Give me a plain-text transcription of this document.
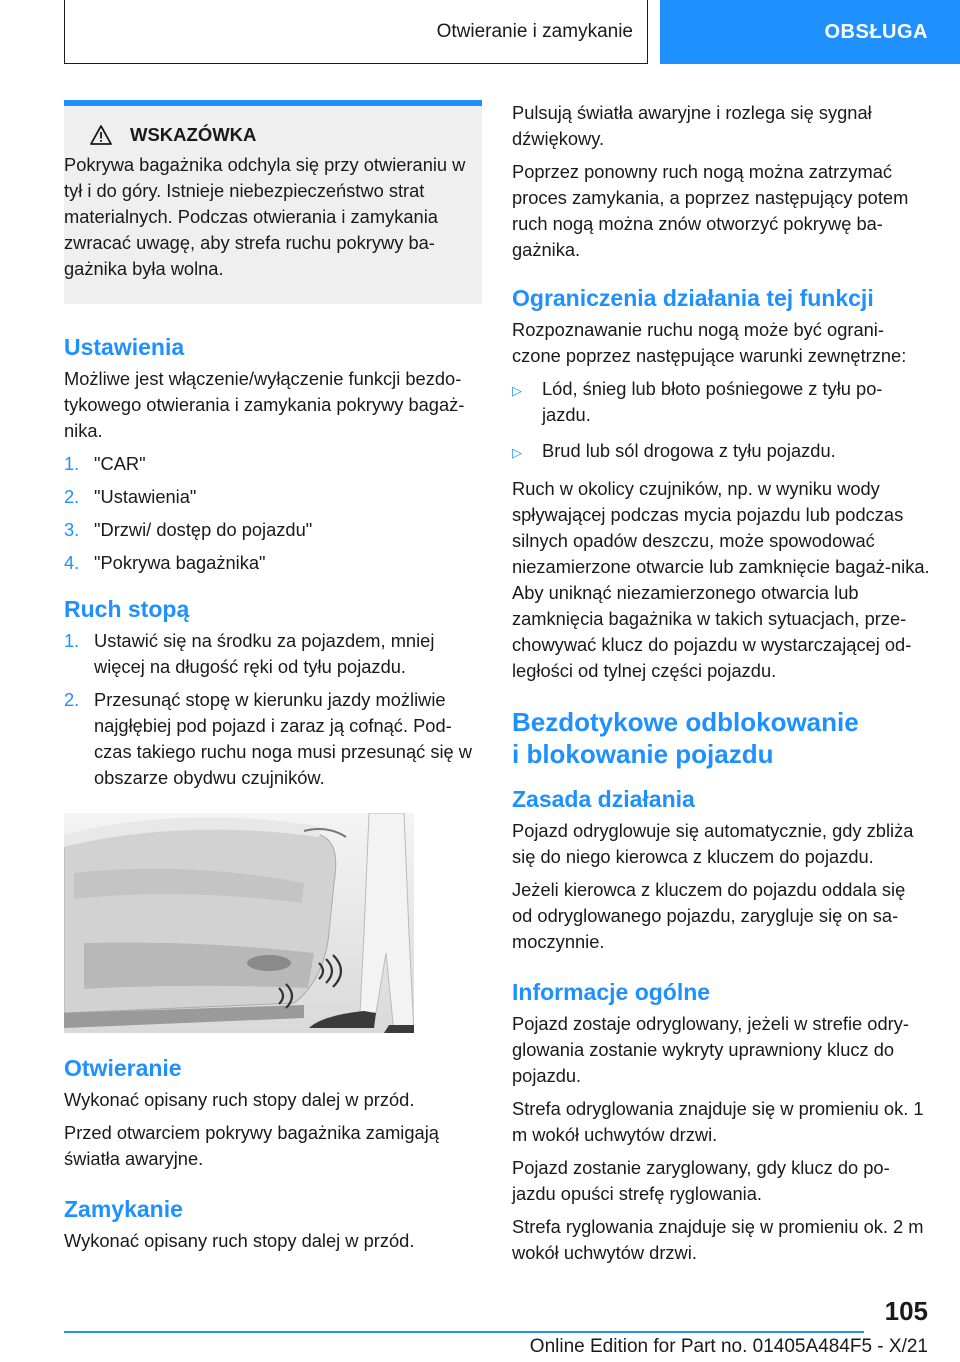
Otwieranie i zamykanie	OBSŁUGA
WSKAZÓWKA

Pokrywa bagażnika odchyla się przy otwieraniu w tył i do góry. Istnieje niebezpieczeństwo strat materialnych. Podczas otwierania i zamykania zwracać uwagę, aby strefa ruchu pokrywy ba-gażnika była wolna.

Ustawienia

Możliwe jest włączenie/wyłączenie funkcji bezdo-tykowego otwierania i zamykania pokrywy bagaż-nika.

1. "CAR"
2. "Ustawienia"
3. "Drzwi/ dostęp do pojazdu"
4. "Pokrywa bagażnika"
Ruch stopą
1. Ustawić się na środku za pojazdem, mniej więcej na długość ręki od tyłu pojazdu.
2. Przesunąć stopę w kierunku jazdy możliwie najgłębiej pod pojazd i zaraz ją cofnąć. Pod-czas takiego ruchu noga musi przesunąć się w obszarze obydwu czujników.
Otwieranie

Wykonać opisany ruch stopy dalej w przód.

Przed otwarciem pokrywy bagażnika zamigają światła awaryjne.

Zamykanie

Wykonać opisany ruch stopy dalej w przód.

Pulsują światła awaryjne i rozlega się sygnał dźwiękowy.

Poprzez ponowny ruch nogą można zatrzymać proces zamykania, a poprzez następujący potem ruch nogą można znów otworzyć pokrywę ba-gażnika.

Ograniczenia działania tej funkcji

Rozpoznawanie ruchu nogą może być ograni-czone poprzez następujące warunki zewnętrzne:

▷	Lód, śnieg lub błoto pośniegowe z tyłu po-jazdu.
▷	Brud lub sól drogowa z tyłu pojazdu.

Ruch w okolicy czujników, np. w wyniku wody spływającej podczas mycia pojazdu lub podczas silnych opadów deszczu, może spowodować niezamierzone otwarcie lub zamknięcie bagaż-nika. Aby uniknąć niezamierzonego otwarcia lub zamknięcia bagażnika w takich sytuacjach, prze-chowywać klucz do pojazdu w wystarczającej od-ległości od tylnej części pojazdu.

Bezdotykowe odblokowanie
i blokowanie pojazdu
Zasada działania

Pojazd odryglowuje się automatycznie, gdy zbliża się do niego kierowca z kluczem do pojazdu.

Jeżeli kierowca z kluczem do pojazdu oddala się od odryglowanego pojazdu, zarygluje się on sa-moczynnie.

Informacje ogólne

Pojazd zostaje odryglowany, jeżeli w strefie odry-glowania zostanie wykryty uprawniony klucz do pojazdu.

Strefa odryglowania znajduje się w promieniu ok. 1 m wokół uchwytów drzwi.

Pojazd zostanie zaryglowany, gdy klucz do po-jazdu opuści strefę ryglowania.

Strefa ryglowania znajduje się w promieniu ok. 2 m wokół uchwytów drzwi.

105
Online Edition for Part no. 01405A484F5 - X/21
